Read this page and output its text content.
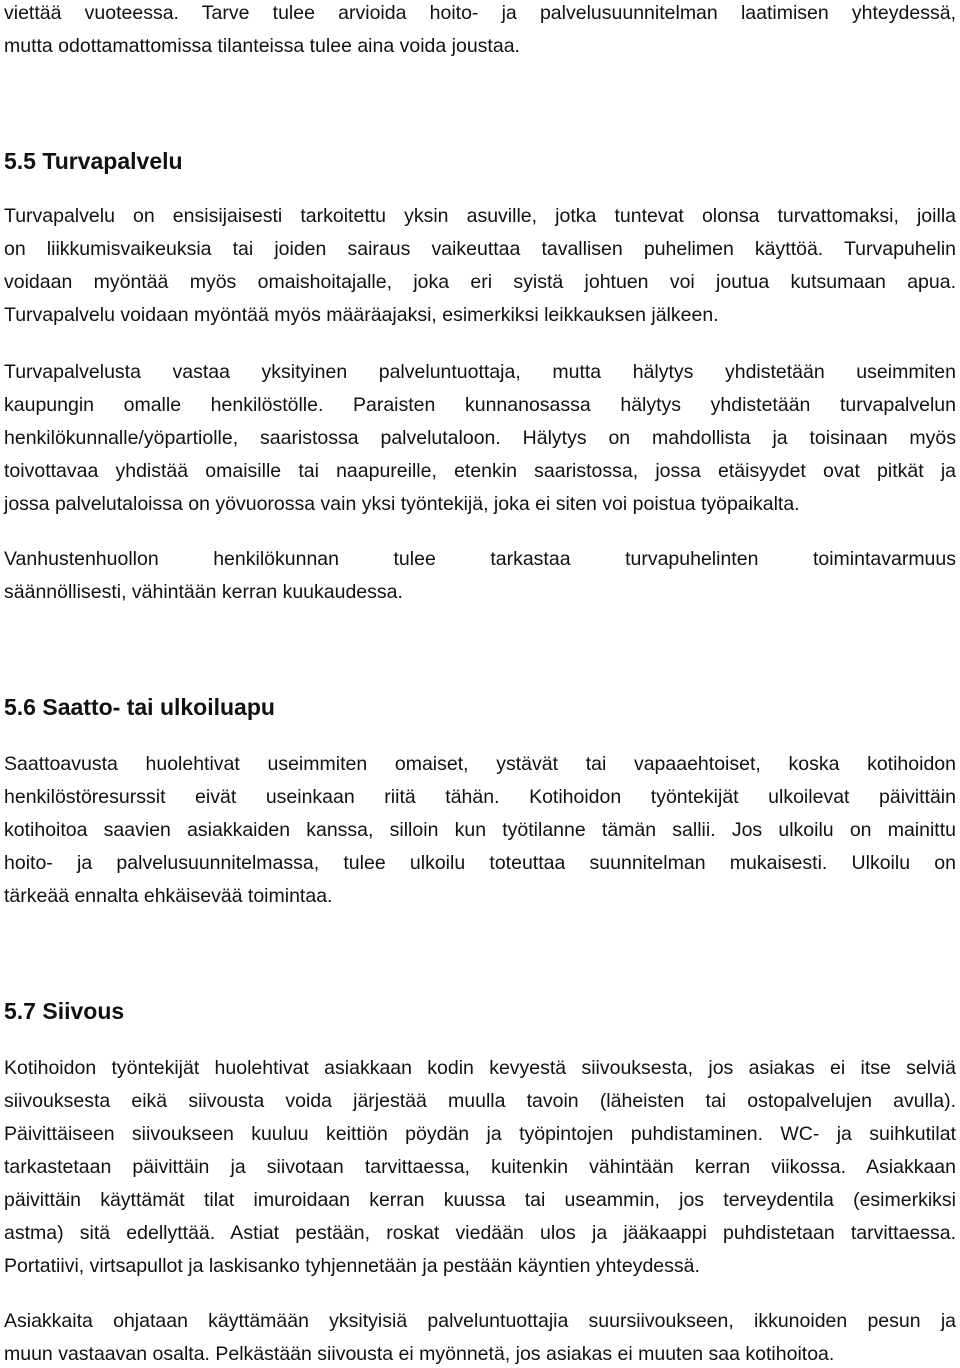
viettää vuoteessa. Tarve tulee arvioida hoito- ja palvelusuunnitelman laatimisen yhteydessä,
mutta odottamattomissa tilanteissa tulee aina voida joustaa.
5.5 Turvapalvelu
Turvapalvelu on ensisijaisesti tarkoitettu yksin asuville, jotka tuntevat olonsa turvattomaksi, joilla
on liikkumisvaikeuksia tai joiden sairaus vaikeuttaa tavallisen puhelimen käyttöä. Turvapuhelin
voidaan myöntää myös omaishoitajalle, joka eri syistä johtuen voi joutua kutsumaan apua.
Turvapalvelu voidaan myöntää myös määräajaksi, esimerkiksi leikkauksen jälkeen.
Turvapalvelusta vastaa yksityinen palveluntuottaja, mutta hälytys yhdistetään useimmiten
kaupungin omalle henkilöstölle. Paraisten kunnanosassa hälytys yhdistetään turvapalvelun
henkilökunnalle/yöpartiolle, saaristossa palvelutaloon. Hälytys on mahdollista ja toisinaan myös
toivottavaa yhdistää omaisille tai naapureille, etenkin saaristossa, jossa etäisyydet ovat pitkät ja
jossa palvelutaloissa on yövuorossa vain yksi työntekijä, joka ei siten voi poistua työpaikalta.
Vanhustenhuollon henkilökunnan tulee tarkastaa turvapuhelinten toimintavarmuus
säännöllisesti, vähintään kerran kuukaudessa.
5.6 Saatto- tai ulkoiluapu
Saattoavusta huolehtivat useimmiten omaiset, ystävät tai vapaaehtoiset, koska kotihoidon
henkilöstöresurssit eivät useinkaan riitä tähän. Kotihoidon työntekijät ulkoilevat päivittäin
kotihoitoa saavien asiakkaiden kanssa, silloin kun työtilanne tämän sallii. Jos ulkoilu on mainittu
hoito- ja palvelusuunnitelmassa, tulee ulkoilu toteuttaa suunnitelman mukaisesti. Ulkoilu on
tärkeää ennalta ehkäisevää toimintaa.
5.7 Siivous
Kotihoidon työntekijät huolehtivat asiakkaan kodin kevyestä siivouksesta, jos asiakas ei itse selviä
siivouksesta eikä siivousta voida järjestää muulla tavoin (läheisten tai ostopalvelujen avulla).
Päivittäiseen siivoukseen kuuluu keittiön pöydän ja työpintojen puhdistaminen. WC- ja suihkutilat
tarkastetaan päivittäin ja siivotaan tarvittaessa, kuitenkin vähintään kerran viikossa. Asiakkaan
päivittäin käyttämät tilat imuroidaan kerran kuussa tai useammin, jos terveydentila (esimerkiksi
astma) sitä edellyttää. Astiat pestään, roskat viedään ulos ja jääkaappi puhdistetaan tarvittaessa.
Portatiivi, virtsapullot ja laskisanko tyhjennetään ja pestään käyntien yhteydessä.
Asiakkaita ohjataan käyttämään yksityisiä palveluntuottajia suursiivoukseen, ikkunoiden pesun ja
muun vastaavan osalta. Pelkästään siivousta ei myönnetä, jos asiakas ei muuten saa kotihoitoa.
